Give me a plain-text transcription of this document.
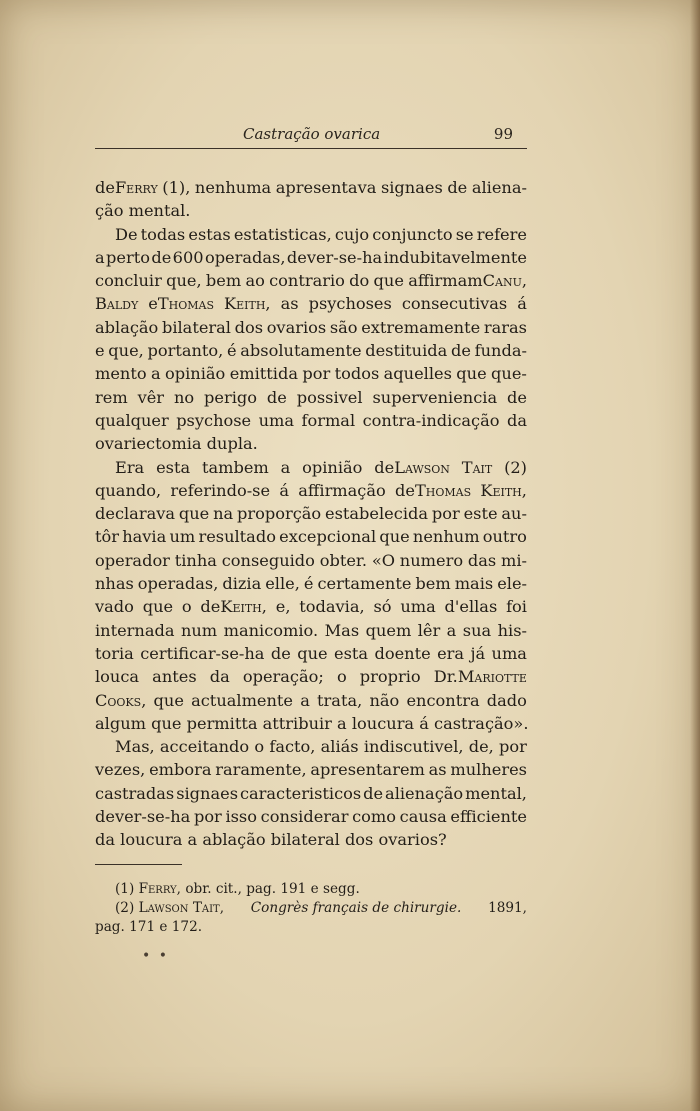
Castração ovarica	99
deFerry (1), nenhuma apresentava signaes de aliena-
ção mental.
De todas estas estatisticas, cujo conjuncto se refere
a perto de 600 operadas, dever-se-ha indubitavelmente
concluir que, bem ao contrario do que affirmamCanu,
Baldy eThomas Keith, as psychoses consecutivas á
ablação bilateral dos ovarios são extremamente raras
e que, portanto, é absolutamente destituida de funda-
mento a opinião emittida por todos aquelles que que-
rem vêr no perigo de possivel superveniencia de
qualquer psychose uma formal contra-indicação da
ovariectomia dupla.
Era esta tambem a opinião deLawson Tait (2)
quando, referindo-se á affirmação deThomas Keith,
declarava que na proporção estabelecida por este au-
tôr havia um resultado excepcional que nenhum outro
operador tinha conseguido obter. «O numero das mi-
nhas operadas, dizia elle, é certamente bem mais ele-
vado que o deKeith, e, todavia, só uma d'ellas foi
internada num manicomio. Mas quem lêr a sua his-
toria certificar-se-ha de que esta doente era já uma
louca antes da operação; o proprio Dr.Mariotte
Cooks, que actualmente a trata, não encontra dado
algum que permitta attribuir a loucura á castração».
Mas, acceitando o facto, aliás indiscutivel, de, por
vezes, embora raramente, apresentarem as mulheres
castradas signaes caracteristicos de alienação mental,
dever-se-ha por isso considerar como causa efficiente
da loucura a ablação bilateral dos ovarios?
(1) Ferry , obr. cit., pag. 191 e segg.
(2) Lawson Tait, Congrès français de chirurgie. 1891,
pag. 171 e 172.
• •
